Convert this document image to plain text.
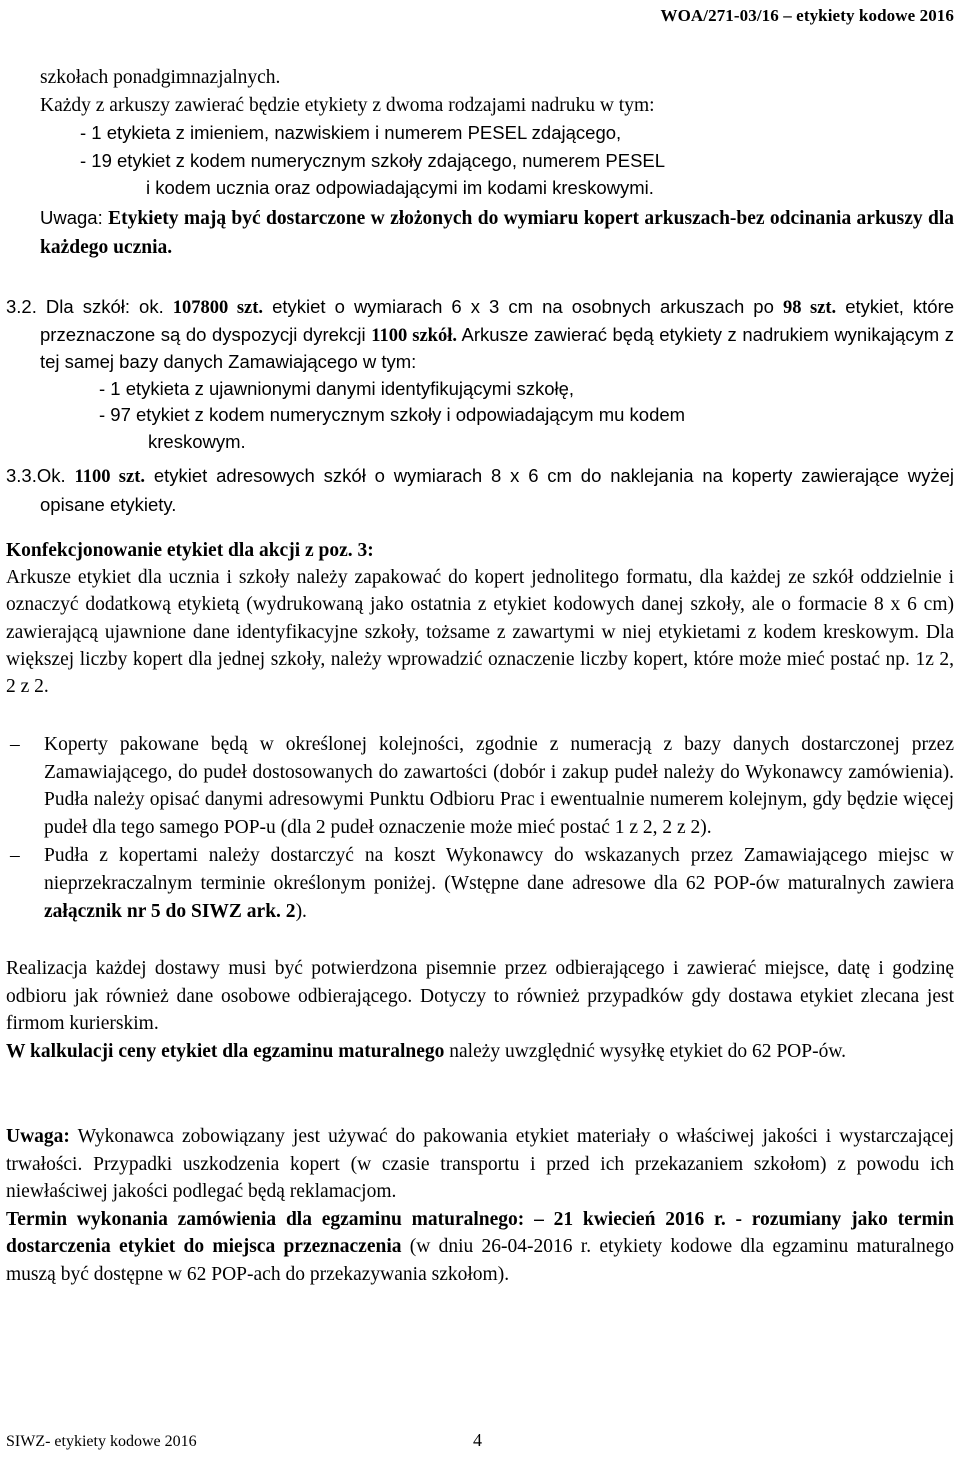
WOA/271-03/16 – etykiety kodowe 2016

szkołach ponadgimnazjalnych.

Każdy z arkuszy zawierać będzie etykiety z dwoma rodzajami nadruku w tym:

- 1 etykieta z imieniem, nazwiskiem i numerem PESEL zdającego,

- 19 etykiet z kodem numerycznym szkoły zdającego, numerem PESEL

i kodem ucznia oraz odpowiadającymi im kodami kreskowymi.

Uwaga: Etykiety mają być dostarczone w złożonych do wymiaru kopert arkuszach-bez odcinania arkuszy dla każdego ucznia.

3.2. Dla szkół: ok. 107800 szt. etykiet o wymiarach 6 x 3 cm na osobnych arkuszach po 98 szt. etykiet, które przeznaczone są do dyspozycji dyrekcji 1100 szkół. Arkusze zawierać będą etykiety z nadrukiem wynikającym z tej samej bazy danych Zamawiającego w tym:

- 1 etykieta z ujawnionymi danymi identyfikującymi szkołę,

- 97 etykiet z kodem numerycznym szkoły i odpowiadającym mu kodem

kreskowym.

3.3.Ok. 1100 szt. etykiet adresowych szkół o wymiarach 8 x 6 cm do naklejania na koperty zawierające wyżej opisane etykiety.

Konfekcjonowanie etykiet dla akcji z poz. 3:

Arkusze etykiet dla ucznia i szkoły należy zapakować do kopert jednolitego formatu, dla każdej ze szkół oddzielnie i oznaczyć dodatkową etykietą (wydrukowaną jako ostatnia z etykiet kodowych danej szkoły, ale o formacie 8 x 6 cm) zawierającą ujawnione dane identyfikacyjne szkoły, tożsame z zawartymi w niej etykietami z kodem kreskowym. Dla większej liczby kopert dla jednej szkoły, należy wprowadzić oznaczenie liczby kopert, które może mieć postać np. 1z 2, 2 z 2.

– Koperty pakowane będą w określonej kolejności, zgodnie z numeracją z bazy danych dostarczonej przez Zamawiającego, do pudeł dostosowanych do zawartości (dobór i zakup pudeł należy do Wykonawcy zamówienia). Pudła należy opisać danymi adresowymi Punktu Odbioru Prac i ewentualnie numerem kolejnym, gdy będzie więcej pudeł dla tego samego POP-u (dla 2 pudeł oznaczenie może mieć postać 1 z 2, 2 z 2).
– Pudła z kopertami należy dostarczyć na koszt Wykonawcy do wskazanych przez Zamawiającego miejsc w nieprzekraczalnym terminie określonym poniżej. (Wstępne dane adresowe dla 62 POP-ów maturalnych zawiera załącznik nr 5 do SIWZ ark. 2).

Realizacja każdej dostawy musi być potwierdzona pisemnie przez odbierającego i zawierać miejsce, datę i godzinę odbioru jak również dane osobowe odbierającego. Dotyczy to również przypadków gdy dostawa etykiet zlecana jest firmom kurierskim.

W kalkulacji ceny etykiet dla egzaminu maturalnego należy uwzględnić wysyłkę etykiet do 62 POP-ów.

Uwaga: Wykonawca zobowiązany jest używać do pakowania etykiet materiały o właściwej jakości i wystarczającej trwałości. Przypadki uszkodzenia kopert (w czasie transportu i przed ich przekazaniem szkołom) z powodu ich niewłaściwej jakości podlegać będą reklamacjom.

Termin wykonania zamówienia dla egzaminu maturalnego: – 21 kwiecień 2016 r. - rozumiany jako termin dostarczenia etykiet do miejsca przeznaczenia (w dniu 26-04-2016 r. etykiety kodowe dla egzaminu maturalnego muszą być dostępne w 62 POP-ach do przekazywania szkołom).

SIWZ- etykiety kodowe 2016	4
